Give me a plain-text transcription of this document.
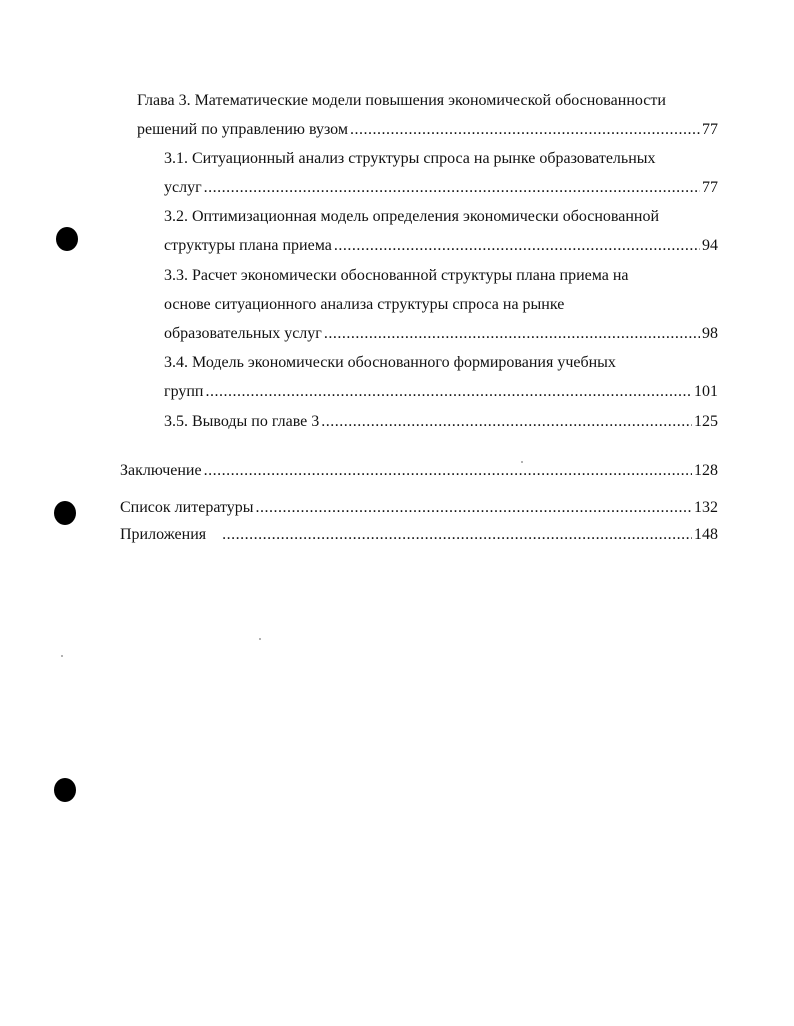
Глава 3. Математические модели повышения экономической обоснованности
решений по управлению вузом .....	77
3.1. Ситуационный анализ структуры спроса на рынке образовательных
услуг .....	77
3.2. Оптимизационная модель определения экономически обоснованной
структуры плана приема .....	94
3.3. Расчет экономически обоснованной структуры плана приема на
основе ситуационного анализа структуры спроса на рынке
образовательных услуг .....	98
3.4. Модель экономически обоснованного формирования учебных
групп .....	101
3.5. Выводы по главе 3 .....	125
Заключение .....	128
Список литературы .....	132
Приложения .....	148
